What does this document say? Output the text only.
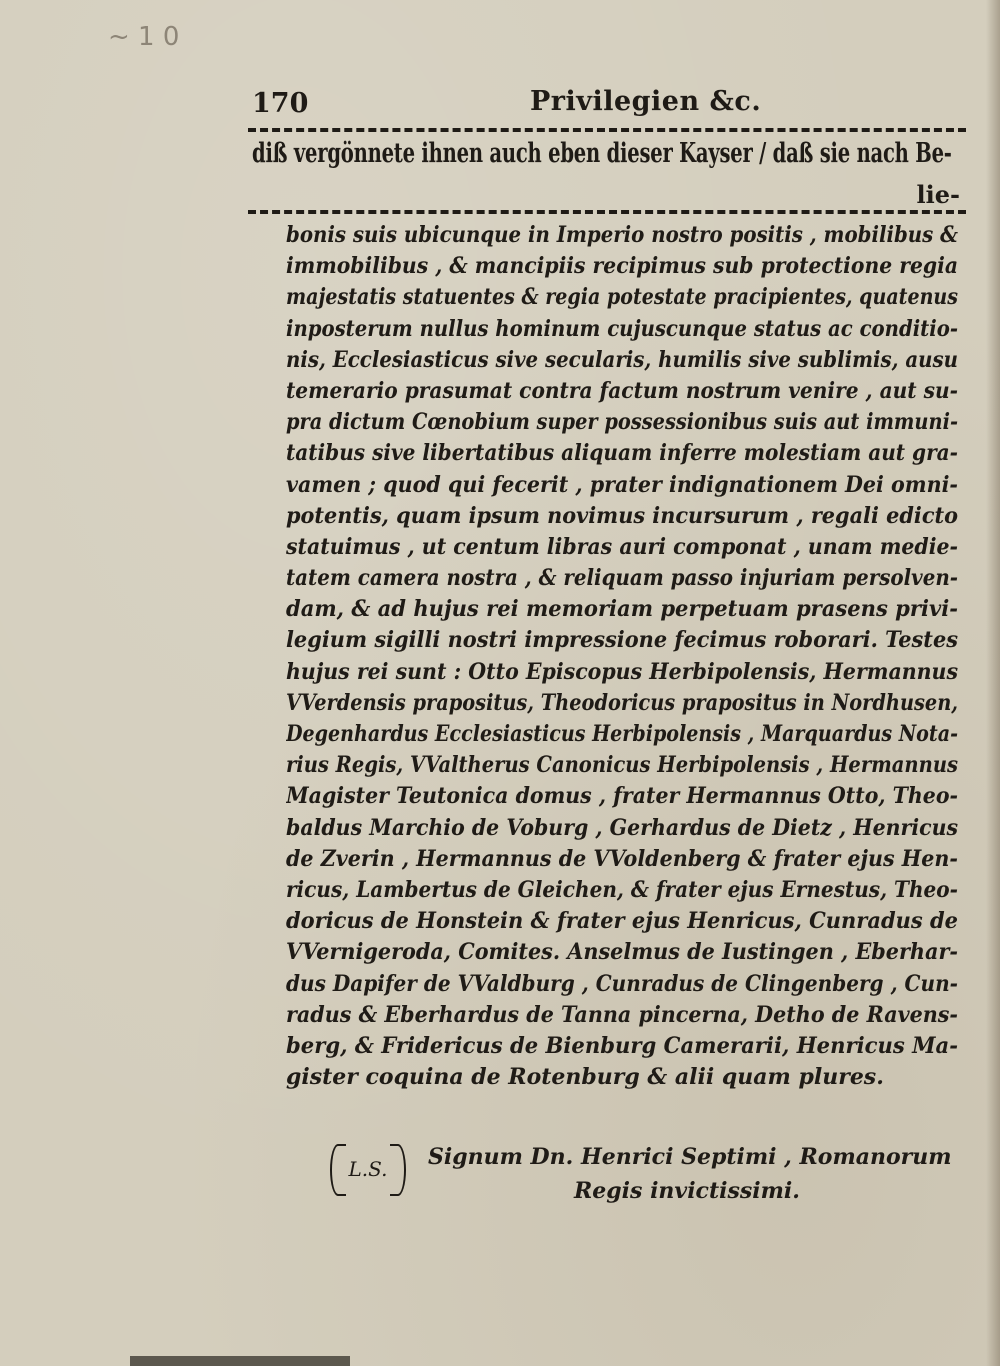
~ 1 0
170	Privilegien &c.
diß vergönnete ihnen auch eben dieser Kayser / daß sie nach Be-
lie-
bonis suis ubicunque in Imperio nostro positis , mobilibus &
immobilibus , & mancipiis recipimus sub protectione regia
majestatis statuentes & regia potestate pracipientes, quatenus
inposterum nullus hominum cujuscunque status ac conditio-
nis, Ecclesiasticus sive secularis, humilis sive sublimis, ausu
temerario prasumat contra factum nostrum venire , aut su-
pra dictum Cœnobium super possessionibus suis aut immuni-
tatibus sive libertatibus aliquam inferre molestiam aut gra-
vamen ; quod qui fecerit , prater indignationem Dei omni-
potentis, quam ipsum novimus incursurum , regali edicto
statuimus , ut centum libras auri componat , unam medie-
tatem camera nostra , & reliquam passo injuriam persolven-
dam, & ad hujus rei memoriam perpetuam prasens privi-
legium sigilli nostri impressione fecimus roborari. Testes
hujus rei sunt : Otto Episcopus Herbipolensis, Hermannus
VVerdensis prapositus, Theodoricus prapositus in Nordhusen,
Degenhardus Ecclesiasticus Herbipolensis , Marquardus Nota-
rius Regis, VValtherus Canonicus Herbipolensis , Hermannus
Magister Teutonica domus , frater Hermannus Otto, Theo-
baldus Marchio de Voburg , Gerhardus de Dietz , Henricus
de Zverin , Hermannus de VVoldenberg & frater ejus Hen-
ricus, Lambertus de Gleichen, & frater ejus Ernestus, Theo-
doricus de Honstein & frater ejus Henricus, Cunradus de
VVernigeroda, Comites. Anselmus de Iustingen , Eberhar-
dus Dapifer de VValdburg , Cunradus de Clingenberg , Cun-
radus & Eberhardus de Tanna pincerna, Detho de Ravens-
berg, & Fridericus de Bienburg Camerarii, Henricus Ma-
gister coquina de Rotenburg & alii quam plures.
L.S.	Signum Dn. Henrici Septimi , Romanorum
Regis invictissimi.
